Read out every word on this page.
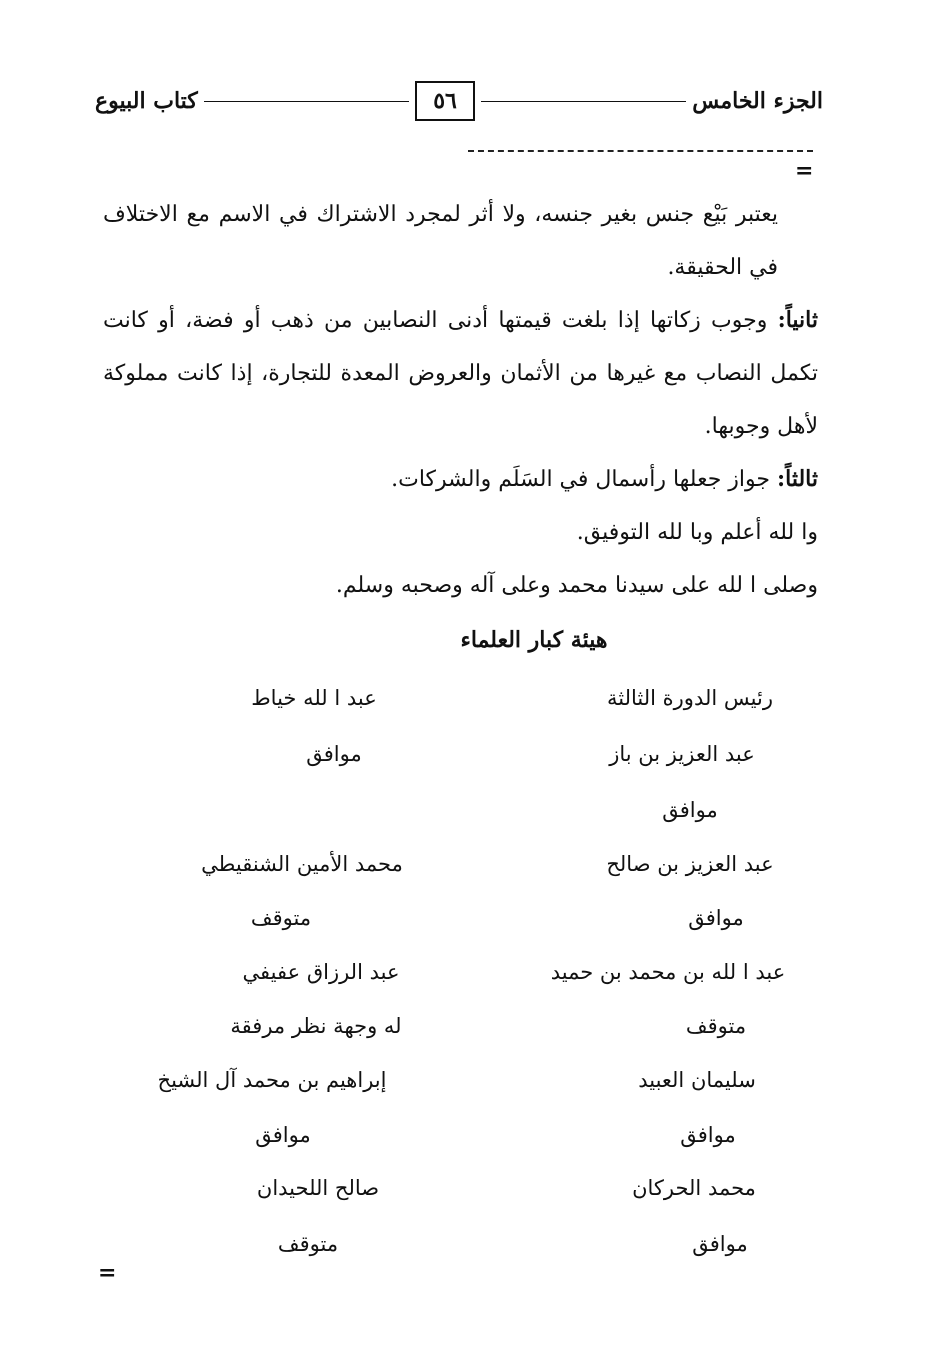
الجزء الخامس
٥٦
كتاب البيوع
=

يعتبر بَيْع جنس بغير جنسه، ولا أثر لمجرد الاشتراك في الاسم مع الاختلاف في الحقيقة.

ثانياً: وجوب زكاتها إذا بلغت قيمتها أدنى النصابين من ذهب أو فضة، أو كانت تكمل النصاب مع غيرها من الأثمان والعروض المعدة للتجارة، إذا كانت مملوكة لأهل وجوبها.

ثالثاً: جواز جعلها رأسمال في السَلَم والشركات.

وا لله أعلم وبا لله التوفيق.

وصلى ا لله على سيدنا محمد وعلى آله وصحبه وسلم.

هيئة كبار العلماء
رئيس الدورة الثالثة
عبد العزيز بن باز
موافق
عبد العزيز بن صالح
موافق
عبد ا لله بن محمد بن حميد
متوقف
سليمان العبيد
موافق
محمد الحركان
موافق
عبد ا لله خياط
موافق
محمد الأمين الشنقيطي
متوقف
عبد الرزاق عفيفي
له وجهة نظر مرفقة
إبراهيم بن محمد آل الشيخ
موافق
صالح اللحيدان
متوقف
=
